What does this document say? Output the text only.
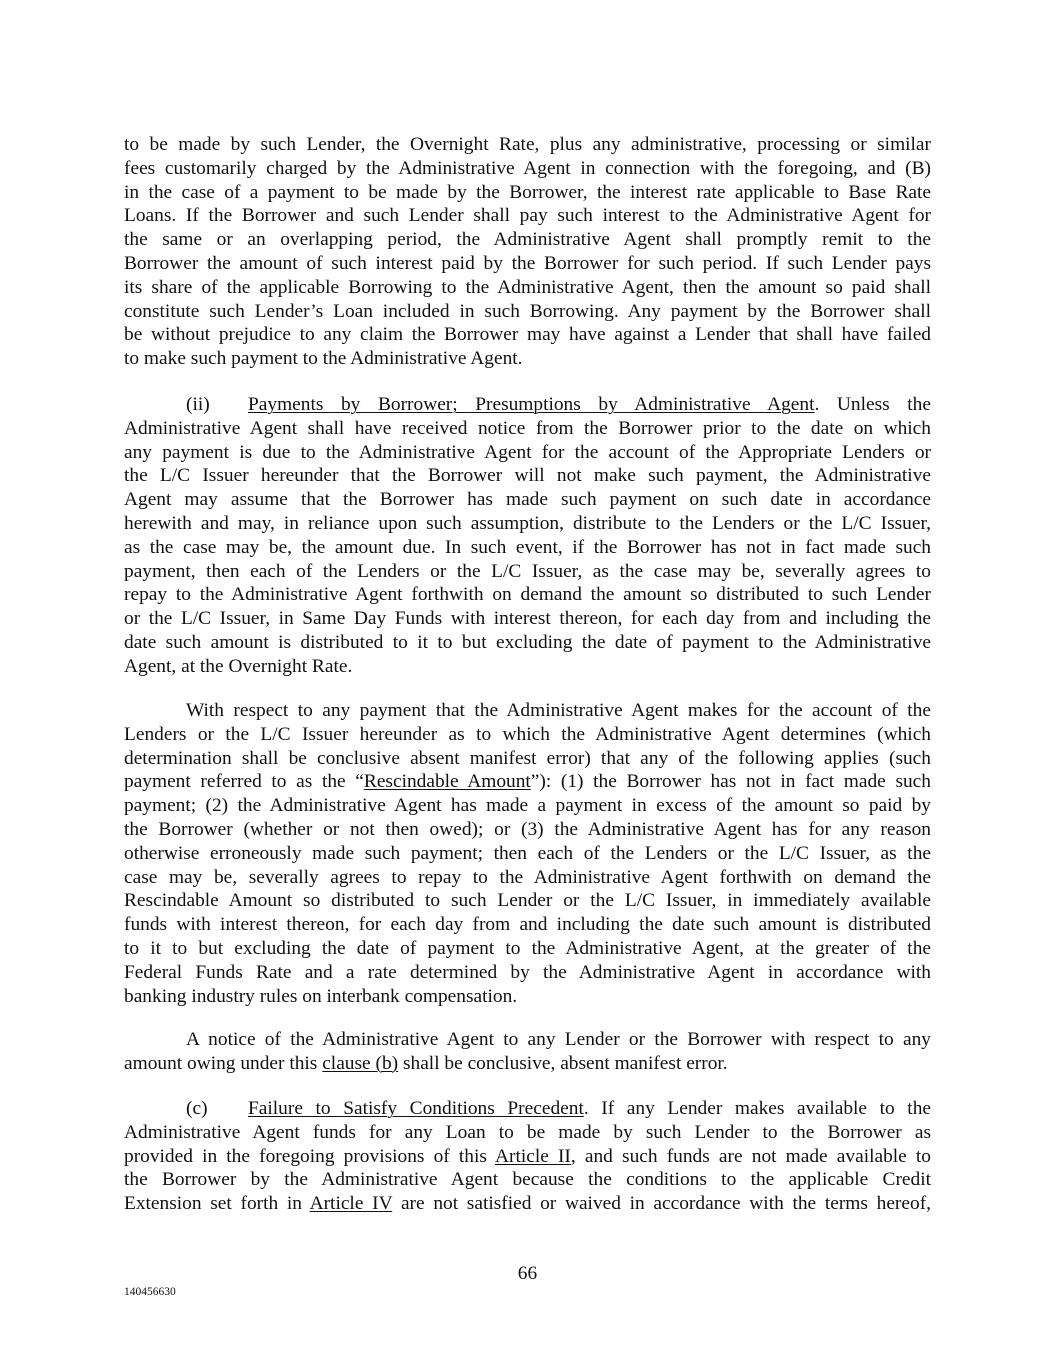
to be made by such Lender, the Overnight Rate, plus any administrative, processing or similar
fees customarily charged by the Administrative Agent in connection with the foregoing, and (B)
in the case of a payment to be made by the Borrower, the interest rate applicable to Base Rate
Loans. If the Borrower and such Lender shall pay such interest to the Administrative Agent for
the same or an overlapping period, the Administrative Agent shall promptly remit to the
Borrower the amount of such interest paid by the Borrower for such period. If such Lender pays
its share of the applicable Borrowing to the Administrative Agent, then the amount so paid shall
constitute such Lender’s Loan included in such Borrowing. Any payment by the Borrower shall
be without prejudice to any claim the Borrower may have against a Lender that shall have failed
to make such payment to the Administrative Agent.
(ii) Payments by Borrower; Presumptions by Administrative Agent. Unless the
Administrative Agent shall have received notice from the Borrower prior to the date on which
any payment is due to the Administrative Agent for the account of the Appropriate Lenders or
the L/C Issuer hereunder that the Borrower will not make such payment, the Administrative
Agent may assume that the Borrower has made such payment on such date in accordance
herewith and may, in reliance upon such assumption, distribute to the Lenders or the L/C Issuer,
as the case may be, the amount due. In such event, if the Borrower has not in fact made such
payment, then each of the Lenders or the L/C Issuer, as the case may be, severally agrees to
repay to the Administrative Agent forthwith on demand the amount so distributed to such Lender
or the L/C Issuer, in Same Day Funds with interest thereon, for each day from and including the
date such amount is distributed to it to but excluding the date of payment to the Administrative
Agent, at the Overnight Rate.
With respect to any payment that the Administrative Agent makes for the account of the
Lenders or the L/C Issuer hereunder as to which the Administrative Agent determines (which
determination shall be conclusive absent manifest error) that any of the following applies (such
payment referred to as the “Rescindable Amount”): (1) the Borrower has not in fact made such
payment; (2) the Administrative Agent has made a payment in excess of the amount so paid by
the Borrower (whether or not then owed); or (3) the Administrative Agent has for any reason
otherwise erroneously made such payment; then each of the Lenders or the L/C Issuer, as the
case may be, severally agrees to repay to the Administrative Agent forthwith on demand the
Rescindable Amount so distributed to such Lender or the L/C Issuer, in immediately available
funds with interest thereon, for each day from and including the date such amount is distributed
to it to but excluding the date of payment to the Administrative Agent, at the greater of the
Federal Funds Rate and a rate determined by the Administrative Agent in accordance with
banking industry rules on interbank compensation.
A notice of the Administrative Agent to any Lender or the Borrower with respect to any
amount owing under this clause (b) shall be conclusive, absent manifest error.
(c) Failure to Satisfy Conditions Precedent. If any Lender makes available to the
Administrative Agent funds for any Loan to be made by such Lender to the Borrower as
provided in the foregoing provisions of this Article II, and such funds are not made available to
the Borrower by the Administrative Agent because the conditions to the applicable Credit
Extension set forth in Article IV are not satisfied or waived in accordance with the terms hereof,
66
140456630
